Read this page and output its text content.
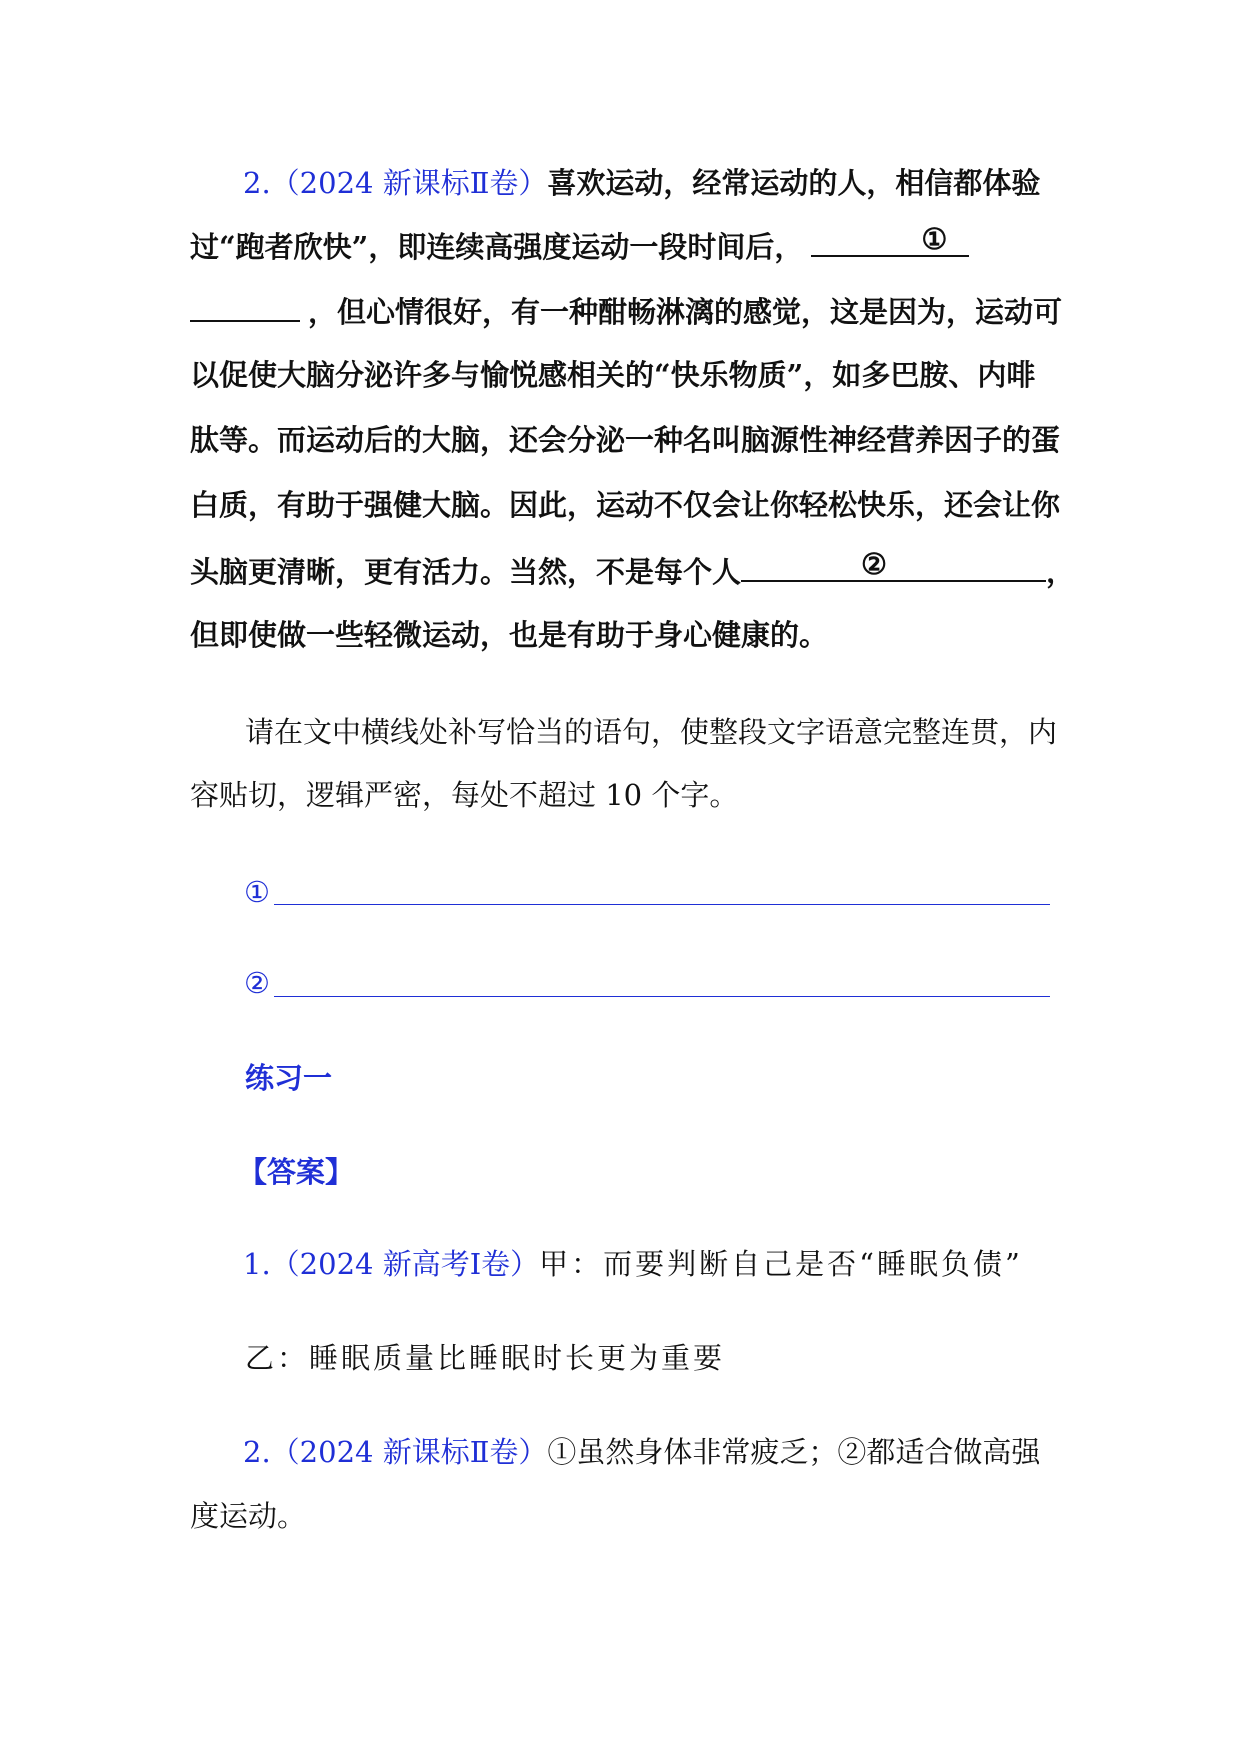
2.（2024 新课标Ⅱ卷）喜欢运动，经常运动的人，相信都体验
过“跑者欣快”，即连续高强度运动一段时间后，	①
，但心情很好，有一种酣畅淋漓的感觉，这是因为，运动可
以促使大脑分泌许多与愉悦感相关的“快乐物质”，如多巴胺、内啡
肽等。而运动后的大脑，还会分泌一种名叫脑源性神经营养因子的蛋
白质，有助于强健大脑。因此，运动不仅会让你轻松快乐，还会让你
头脑更清晰，更有活力。当然，不是每个人	②	，
但即使做一些轻微运动，也是有助于身心健康的。
请在文中横线处补写恰当的语句，使整段文字语意完整连贯，内
容贴切，逻辑严密，每处不超过 10 个字。
①
②
练习一
【答案】
1.（2024 新高考Ⅰ卷）甲：而要判断自己是否“睡眠负债”
乙：睡眠质量比睡眠时长更为重要
2.（2024 新课标Ⅱ卷）①虽然身体非常疲乏；②都适合做高强
度运动。
